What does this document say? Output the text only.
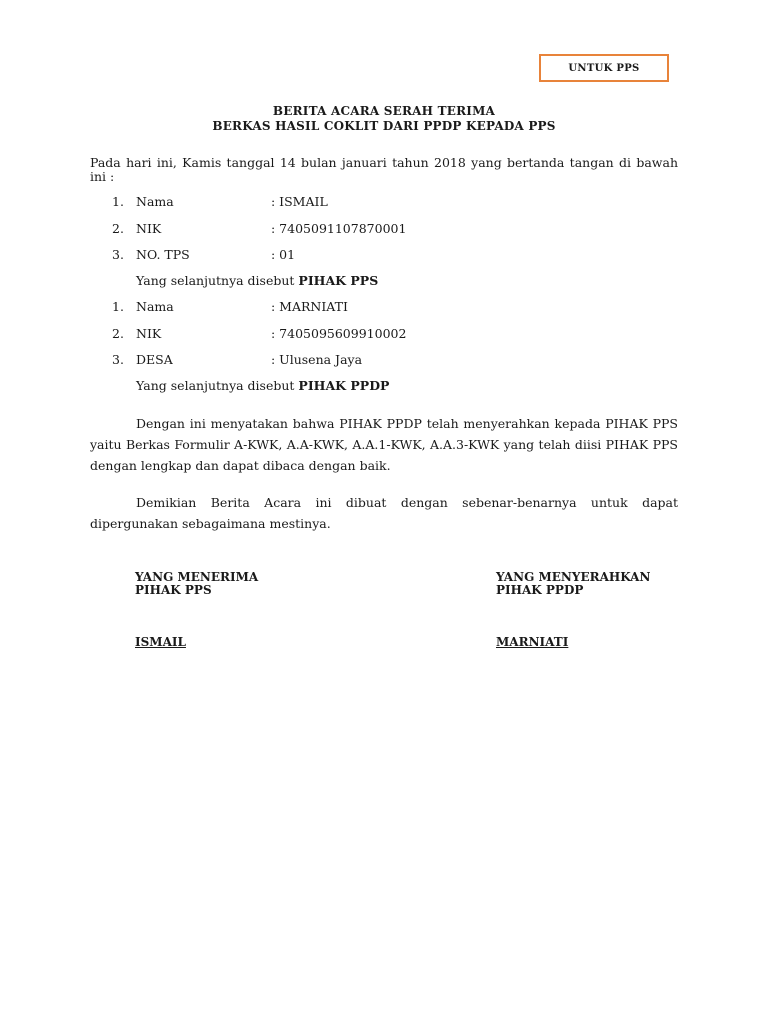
UNTUK PPS
BERITA ACARA SERAH TERIMA
BERKAS HASIL COKLIT DARI PPDP KEPADA PPS
Pada hari ini, Kamis tanggal 14 bulan januari tahun 2018 yang bertanda tangan di bawah ini :
1. Nama	: ISMAIL
2. NIK	: 7405091107870001
3. NO. TPS	: 01
Yang selanjutnya disebut PIHAK PPS
1. Nama	: MARNIATI
2. NIK	: 7405095609910002
3. DESA	: Ulusena Jaya
Yang selanjutnya disebut PIHAK PPDP
Dengan ini menyatakan bahwa PIHAK PPDP telah menyerahkan kepada PIHAK PPS yaitu Berkas Formulir A-KWK, A.A-KWK, A.A.1-KWK, A.A.3-KWK yang telah diisi PIHAK PPS dengan lengkap dan dapat dibaca dengan baik.
Demikian Berita Acara ini dibuat dengan sebenar-benarnya untuk dapat dipergunakan sebagaimana mestinya.
YANG MENERIMA
PIHAK PPS
YANG MENYERAHKAN
PIHAK PPDP
ISMAIL	MARNIATI
